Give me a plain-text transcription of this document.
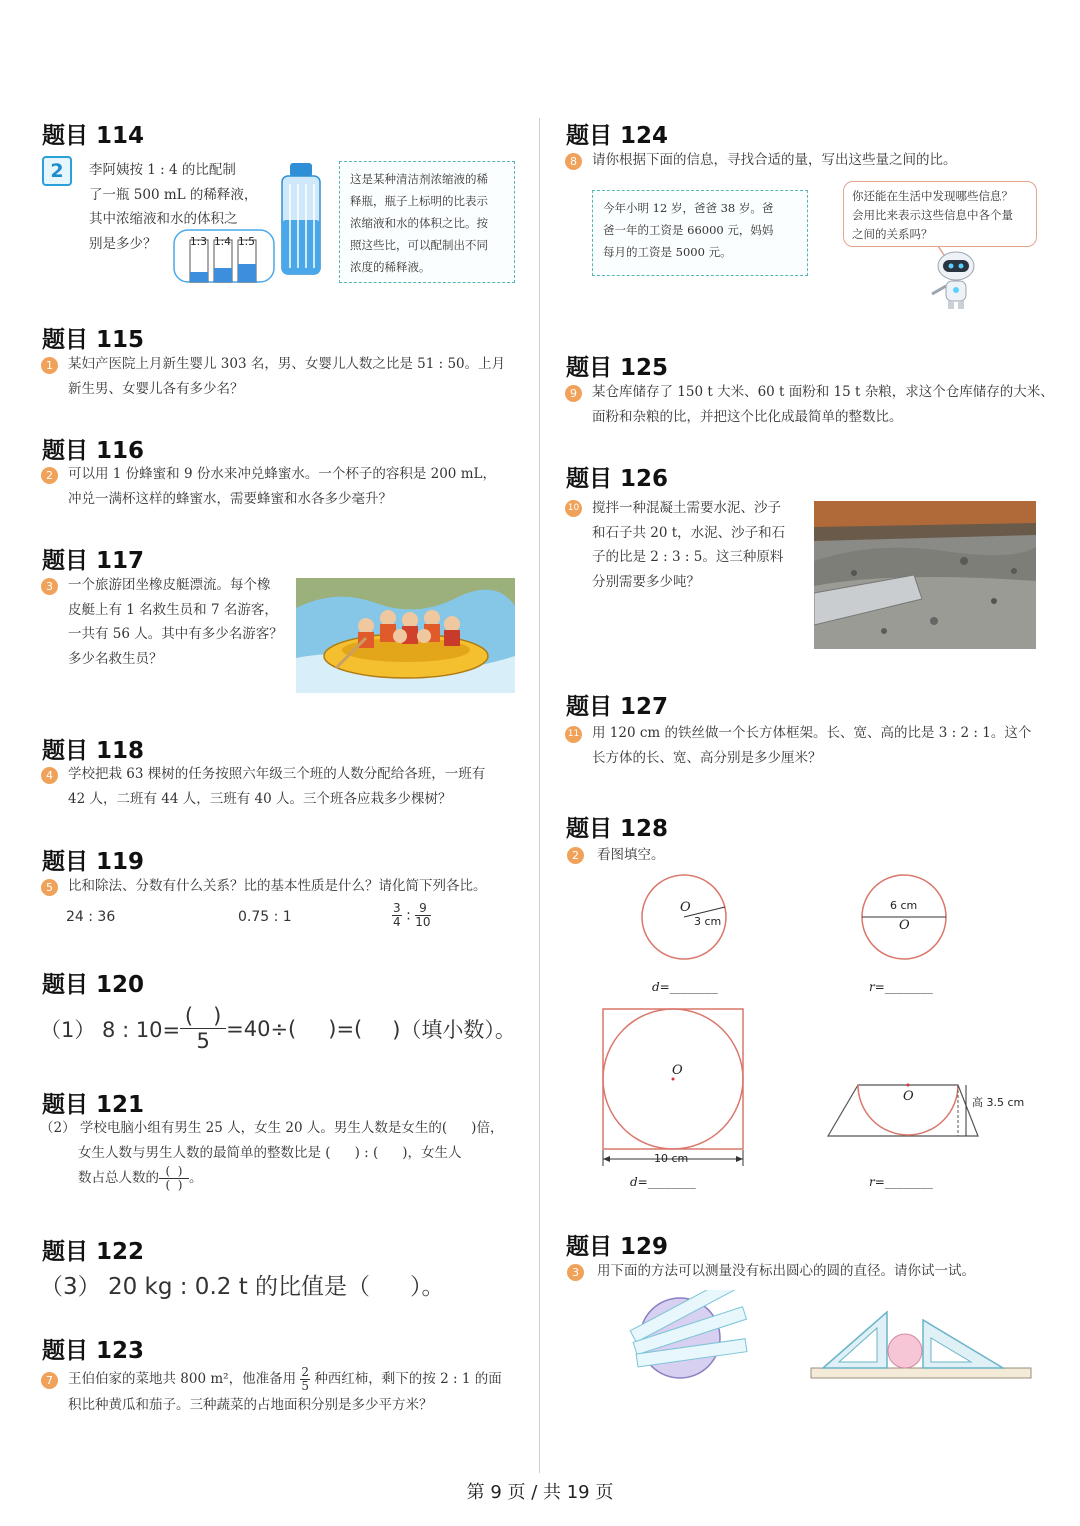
题目 114
2	李阿姨按 1 : 4 的比配制
了一瓶 500 mL 的稀释液，
其中浓缩液和水的体积之
别是多少？	1:3 1:4 1:5
这是某种清洁剂浓缩液的稀
释瓶，瓶子上标明的比表示
浓缩液和水的体积之比。按
照这些比，可以配制出不同
浓度的稀释液。
题目 115
1	某妇产医院上月新生婴儿 303 名，男、女婴儿人数之比是 51 : 50。上月
新生男、女婴儿各有多少名？
题目 116
2	可以用 1 份蜂蜜和 9 份水来冲兑蜂蜜水。一个杯子的容积是 200 mL，
冲兑一满杯这样的蜂蜜水，需要蜂蜜和水各多少毫升？
题目 117
3	一个旅游团坐橡皮艇漂流。每个橡
皮艇上有 1 名救生员和 7 名游客，
一共有 56 人。其中有多少名游客？
多少名救生员？
题目 118
4	学校把栽 63 棵树的任务按照六年级三个班的人数分配给各班，一班有
42 人，二班有 44 人，三班有 40 人。三个班各应栽多少棵树？
题目 119
5	比和除法、分数有什么关系？比的基本性质是什么？请化简下列各比。
24 : 36	0.75 : 1	$\frac{3}{4}$ : $\frac{9}{10}$
题目 120
（1） 8 : 10=
(   )
5
=40÷( )=( )（填小数）。
题目 121
（2） 学校电脑小组有男生 25 人，女生 20 人。男生人数是女生的( )倍，
女生人数与男生人数的最简单的整数比是 ( ) : ( )，女生人
数占总人数的 $\frac{( )}{( )}$ 。
题目 122
（3） 20 kg : 0.2 t 的比值是（ ）。
题目 123
7	王伯伯家的菜地共 800 m²，他准备用 $\frac{2}{5}$ 种西红柿，剩下的按 2 : 1 的面
积比种黄瓜和茄子。三种蔬菜的占地面积分别是多少平方米？
题目 124
8	请你根据下面的信息，寻找合适的量，写出这些量之间的比。
今年小明 12 岁，爸爸 38 岁。爸
爸一年的工资是 66000 元，妈妈
每月的工资是 5000 元。
你还能在生活中发现哪些信息？
会用比来表示这些信息中各个量
之间的关系吗？
题目 125
9	某仓库储存了 150 t 大米、60 t 面粉和 15 t 杂粮，求这个仓库储存的大米、
面粉和杂粮的比，并把这个比化成最简单的整数比。
题目 126
10 搅拌一种混凝土需要水泥、沙子
和石子共 20 t，水泥、沙子和石
子的比是 2 : 3 : 5。这三种原料
分别需要多少吨？
题目 127
11 用 120 cm 的铁丝做一个长方体框架。长、宽、高的比是 3 : 2 : 1。这个
长方体的长、宽、高分别是多少厘米？
题目 128
2	看图填空。
O
3 cm
6 cm
O
d=________	r=________
O
10 cm
O	高 3.5 cm
d=________	r=________
题目 129
3	用下面的方法可以测量没有标出圆心的圆的直径。请你试一试。
第 9 页 / 共 19 页
